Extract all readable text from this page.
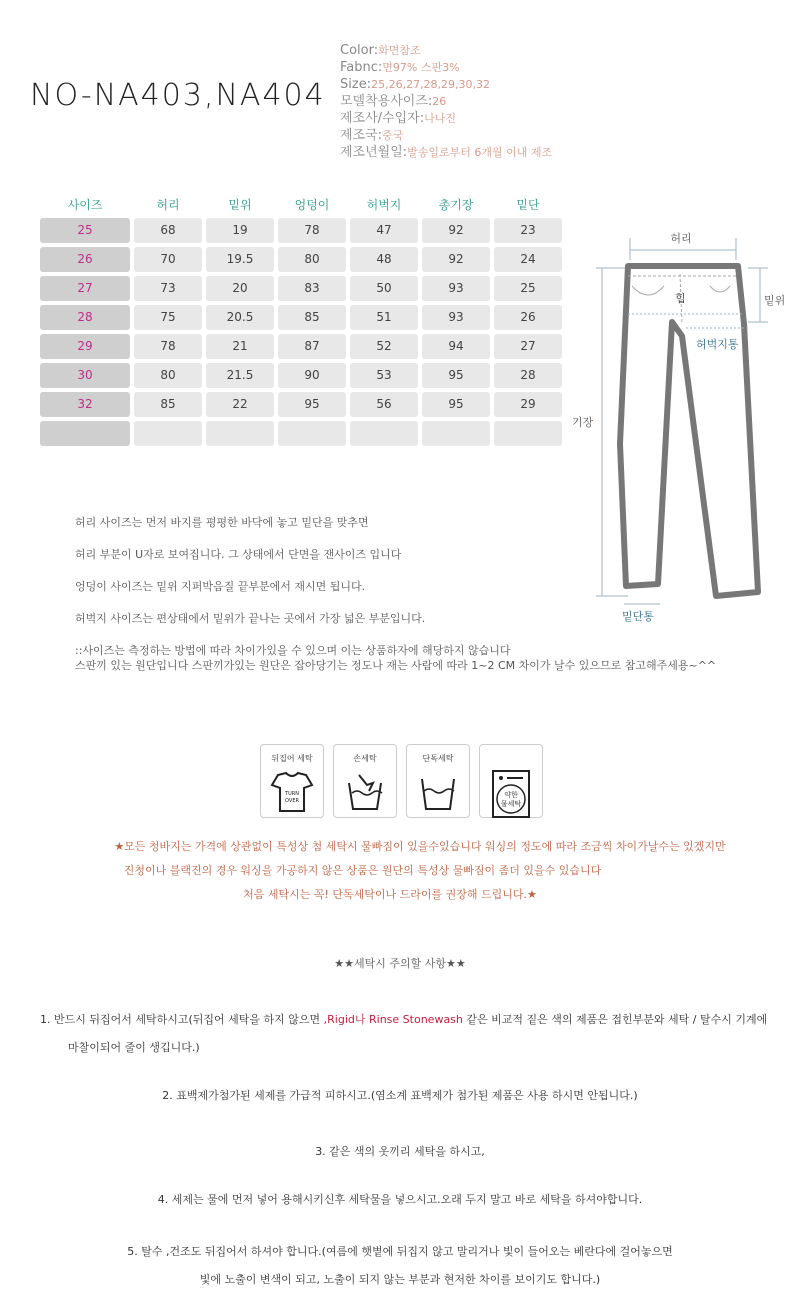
NO-NA403,NA404
Color:화면참조
Fabnc:면97% 스판3%
Size:25,26,27,28,29,30,32
모델착용사이즈:26
제조사/수입자:나나진
제조국:중국
제조년월일:발송일로부터 6개월 이내 제조
사이즈	허리	밑위	엉덩이	허벅지	총기장	밑단
25	68	19	78	47	92	23
26	70	19.5	80	48	92	24
27	73	20	83	50	93	25
28	75	20.5	85	51	93	26
29	78	21	87	52	94	27
30	80	21.5	90	53	95	28
32	85	22	95	56	95	29
허리
밑위
기장
힙
허벅지통
밑단통

허리 사이즈는 먼저 바지를 평평한 바닥에 놓고 밑단을 맞추면

허리 부분이 U자로 보여집니다. 그 상태에서 단면을 잰사이즈 입니다

엉덩이 사이즈는 밑위 지퍼박음질 끝부분에서 재시면 됩니다.

허벅지 사이즈는 편상태에서 밑위가 끝나는 곳에서 가장 넓은 부분입니다.

::사이즈는 측정하는 방법에 따라 차이가있을 수 있으며 이는 상품하자에 해당하지 않습니다

스판끼 있는 원단입니다 스판끼가있는 원단은 잡아당기는 정도나 재는 사람에 따라 1~2 CM 차이가 날수 있으므로 참고해주세용~^^

뒤집어 세탁
TURN
OVER
손세탁	단독세탁
약한
물세탁

★모든 청바지는 가격에 상관없이 특성상 첨 세탁시 물빠짐이 있을수있습니다 워싱의 정도에 따라 조금씩 차이가날수는 있겠지만

진청이나 블랙진의 경우 워싱을 가공하지 않은 상품은 원단의 특성상 물빠짐이 좀더 있을수 있습니다

처음 세탁시는 꼭! 단독세탁이나 드라이를 권장해 드립니다.★

★★세탁시 주의할 사항★★

1. 반드시 뒤집어서 세탁하시고(뒤집어 세탁을 하지 않으면 ,Rigid나 Rinse Stonewash 같은 비교적 짙은 색의 제품은 접힌부분와 세탁 / 탈수시 기계에

마찰이되어 줄이 생깁니다.)

2. 표백제가첨가된 세제를 가급적 피하시고.(염소계 표백제가 첨가된 제품은 사용 하시면 안됩니다.)

3. 같은 색의 옷끼리 세탁을 하시고,

4. 세제는 물에 먼저 넣어 용해시키신후 세탁물을 넣으시고.오래 두지 말고 바로 세탁을 하셔야합니다.

5. 탈수 ,건조도 뒤집어서 하셔야 합니다.(여름에 햇볕에 뒤집지 않고 말리거나 빛이 들어오는 베란다에 걸어놓으면

빛에 노출이 변색이 되고, 노출이 되지 않는 부분과 현저한 차이를 보이기도 합니다.)
